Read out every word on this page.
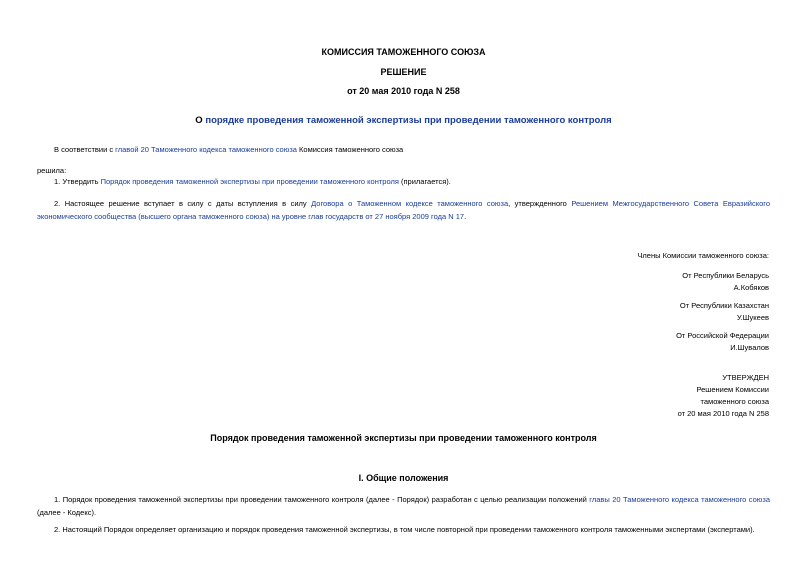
КОМИССИЯ ТАМОЖЕННОГО СОЮЗА
РЕШЕНИЕ
от 20 мая 2010 года N 258
О порядке проведения таможенной экспертизы при проведении таможенного контроля
В соответствии с главой 20 Таможенного кодекса таможенного союза Комиссия таможенного союза
решила:
1. Утвердить Порядок проведения таможенной экспертизы при проведении таможенного контроля (прилагается).
2. Настоящее решение вступает в силу с даты вступления в силу Договора о Таможенном кодексе таможенного союза, утвержденного Решением Межгосударственного Совета Евразийского экономического сообщества (высшего органа таможенного союза) на уровне глав государств от 27 ноября 2009 года N 17.
Члены Комиссии таможенного союза:
От Республики Беларусь
А.Кобяков
От Республики Казахстан
У.Шукеев
От Российской Федерации
И.Шувалов
УТВЕРЖДЕН
Решением Комиссии
таможенного союза
от 20 мая 2010 года N 258
Порядок проведения таможенной экспертизы при проведении таможенного контроля
I. Общие положения
1. Порядок проведения таможенной экспертизы при проведении таможенного контроля (далее - Порядок) разработан с целью реализации положений главы 20 Таможенного кодекса таможенного союза (далее - Кодекс).
2. Настоящий Порядок определяет организацию и порядок проведения таможенной экспертизы, в том числе повторной при проведении таможенного контроля таможенными экспертами (экспертами).
